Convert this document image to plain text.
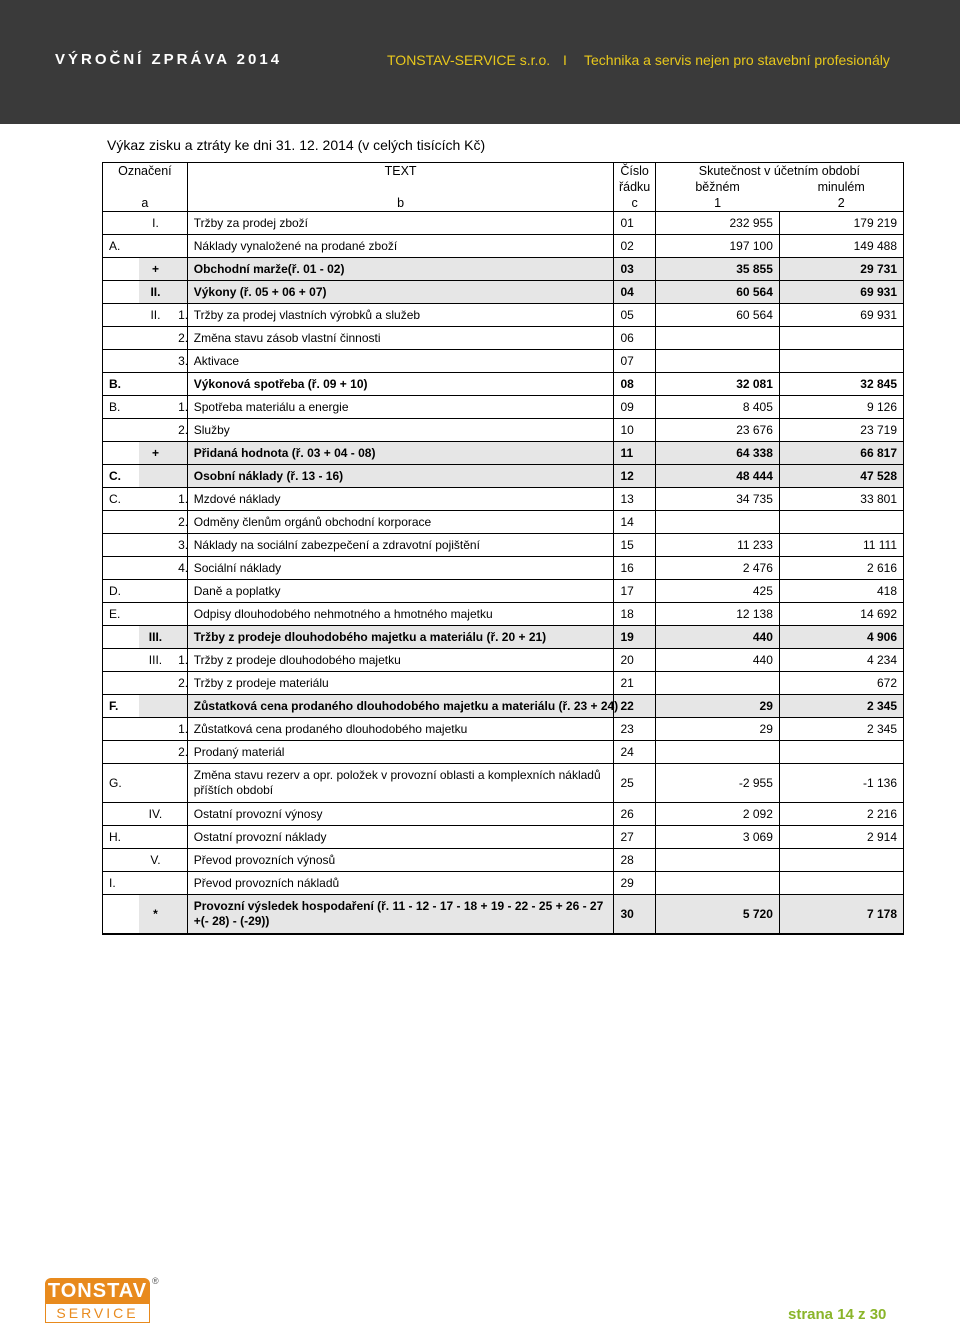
VÝROČNÍ ZPRÁVA 2014	TONSTAV-SERVICE s.r.o. I Technika a servis nejen pro stavební profesionály
Výkaz zisku a ztráty ke dni 31. 12. 2014 (v celých tisících Kč)
Označení			TEXT	Číslo	Skutečnost v účetním období	
				řádku	běžném	minulém
a			b	c	1	2
	I.		Tržby za prodej zboží	01	232 955	179 219
A.			Náklady vynaložené na prodané zboží	02	197 100	149 488
	+		Obchodní marže(ř. 01 - 02)	03	35 855	29 731
	II.		Výkony (ř. 05 + 06 + 07)	04	60 564	69 931
	II.	1.	Tržby za prodej vlastních výrobků a služeb	05	60 564	69 931
		2.	Změna stavu zásob vlastní činnosti	06		
		3.	Aktivace	07		
B.			Výkonová spotřeba (ř. 09 + 10)	08	32 081	32 845
B.		1.	Spotřeba materiálu a energie	09	8 405	9 126
		2.	Služby	10	23 676	23 719
	+		Přidaná hodnota (ř. 03 + 04 - 08)	11	64 338	66 817
C.			Osobní náklady (ř. 13 - 16)	12	48 444	47 528
C.		1.	Mzdové náklady	13	34 735	33 801
		2.	Odměny členům orgánů obchodní korporace	14		
		3.	Náklady na sociální zabezpečení a zdravotní pojištění	15	11 233	11 111
		4.	Sociální náklady	16	2 476	2 616
D.			Daně a poplatky	17	425	418
E.			Odpisy dlouhodobého nehmotného a hmotného majetku	18	12 138	14 692
	III.		Tržby z prodeje dlouhodobého majetku a materiálu (ř. 20 + 21)	19	440	4 906
	III.	1.	Tržby z prodeje dlouhodobého majetku	20	440	4 234
		2.	Tržby z prodeje materiálu	21		672
F.			Zůstatková cena prodaného dlouhodobého majetku a materiálu (ř. 23 + 24)	22	29	2 345
		1.	Zůstatková cena prodaného dlouhodobého majetku	23	29	2 345
		2.	Prodaný materiál	24		
G.			Změna stavu rezerv a opr. položek v provozní oblasti a komplexních nákladů příštích období	25	-2 955	-1 136
	IV.		Ostatní provozní výnosy	26	2 092	2 216
H.			Ostatní provozní náklady	27	3 069	2 914
	V.		Převod provozních výnosů	28		
I.			Převod provozních nákladů	29		
	*		Provozní výsledek hospodaření (ř. 11 - 12 - 17 - 18 + 19 - 22 - 25 + 26 - 27 +(- 28) - (-29))	30	5 720	7 178
TONSTAV
SERVICE
®
strana 14 z 30
